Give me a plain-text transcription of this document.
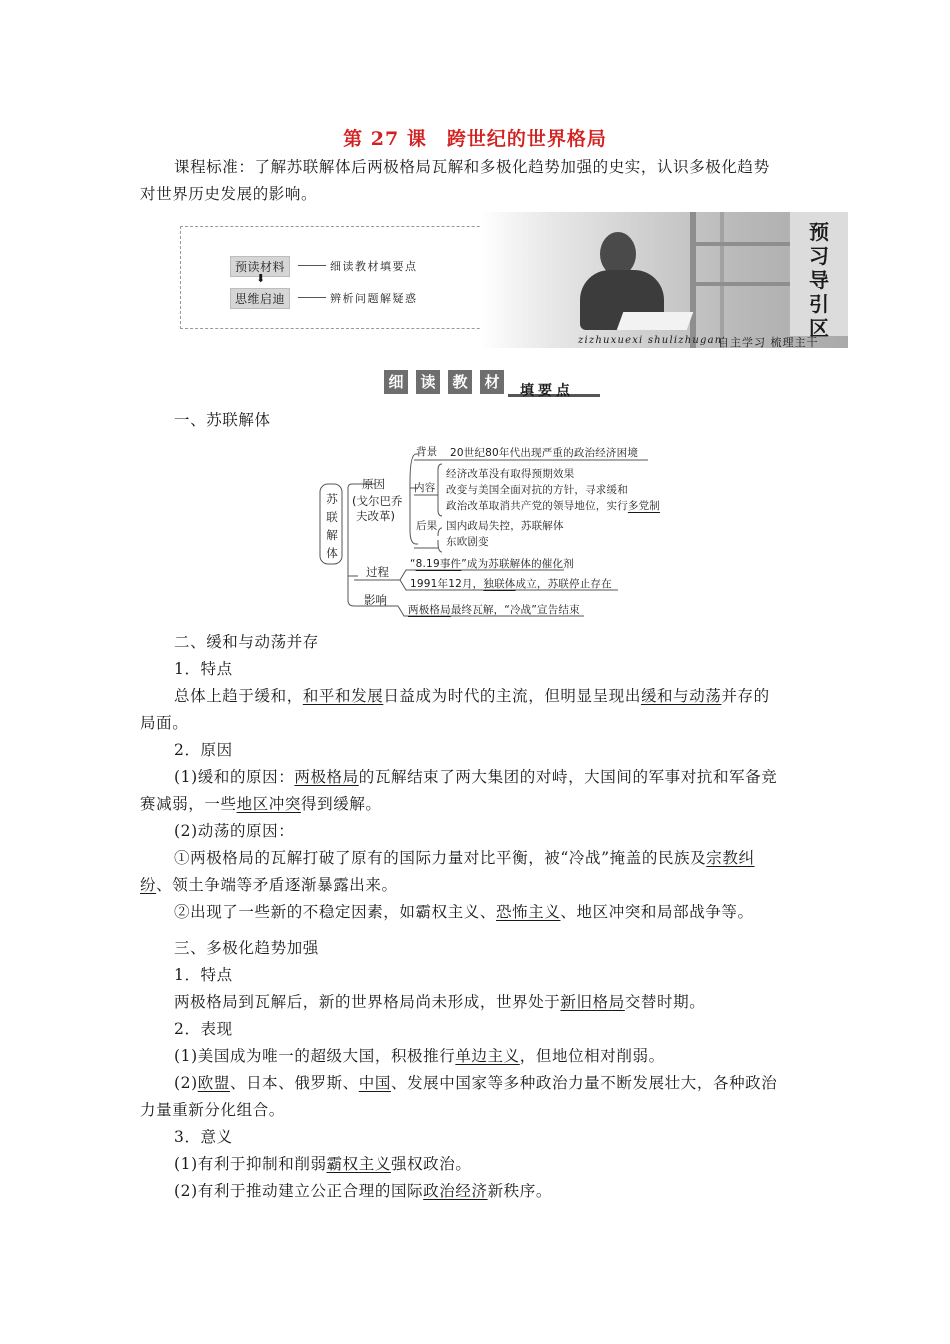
第 27 课 跨世纪的世界格局
课程标准：了解苏联解体后两极格局瓦解和多极化趋势加强的史实，认识多极化趋势
对世界历史发展的影响。
预
习
导
引
区
预读材料	细读教材填要点
⬇
思维启迪	辨析问题解疑惑
zizhuxuexi shulizhugan
自主学习 梳理主干
细	读	教	材	填要点
一、苏联解体
苏
联
解
体
原因
(戈尔巴乔
夫改革)
背景 20世纪80年代出现严重的政治经济困境
内容
经济改革没有取得预期效果
改变与美国全面对抗的方针，寻求缓和
政治改革取消共产党的领导地位，实行多党制
后果 国内政局失控，苏联解体
东欧剧变
过程
“8.19事件”成为苏联解体的催化剂
1991年12月，独联体成立，苏联停止存在
影响
两极格局最终瓦解，“冷战”宣告结束
二、缓和与动荡并存
1．特点
总体上趋于缓和，和平和发展日益成为时代的主流，但明显呈现出缓和与动荡并存的
局面。
2．原因
(1)缓和的原因：两极格局的瓦解结束了两大集团的对峙，大国间的军事对抗和军备竞
赛减弱，一些地区冲突得到缓解。
(2)动荡的原因：
①两极格局的瓦解打破了原有的国际力量对比平衡，被“冷战”掩盖的民族及宗教纠
纷、领土争端等矛盾逐渐暴露出来。
②出现了一些新的不稳定因素，如霸权主义、恐怖主义、地区冲突和局部战争等。
三、多极化趋势加强
1．特点
两极格局到瓦解后，新的世界格局尚未形成，世界处于新旧格局交替时期。
2．表现
(1)美国成为唯一的超级大国，积极推行单边主义，但地位相对削弱。
(2)欧盟、日本、俄罗斯、中国、发展中国家等多种政治力量不断发展壮大，各种政治
力量重新分化组合。
3．意义
(1)有利于抑制和削弱霸权主义强权政治。
(2)有利于推动建立公正合理的国际政治经济新秩序。
